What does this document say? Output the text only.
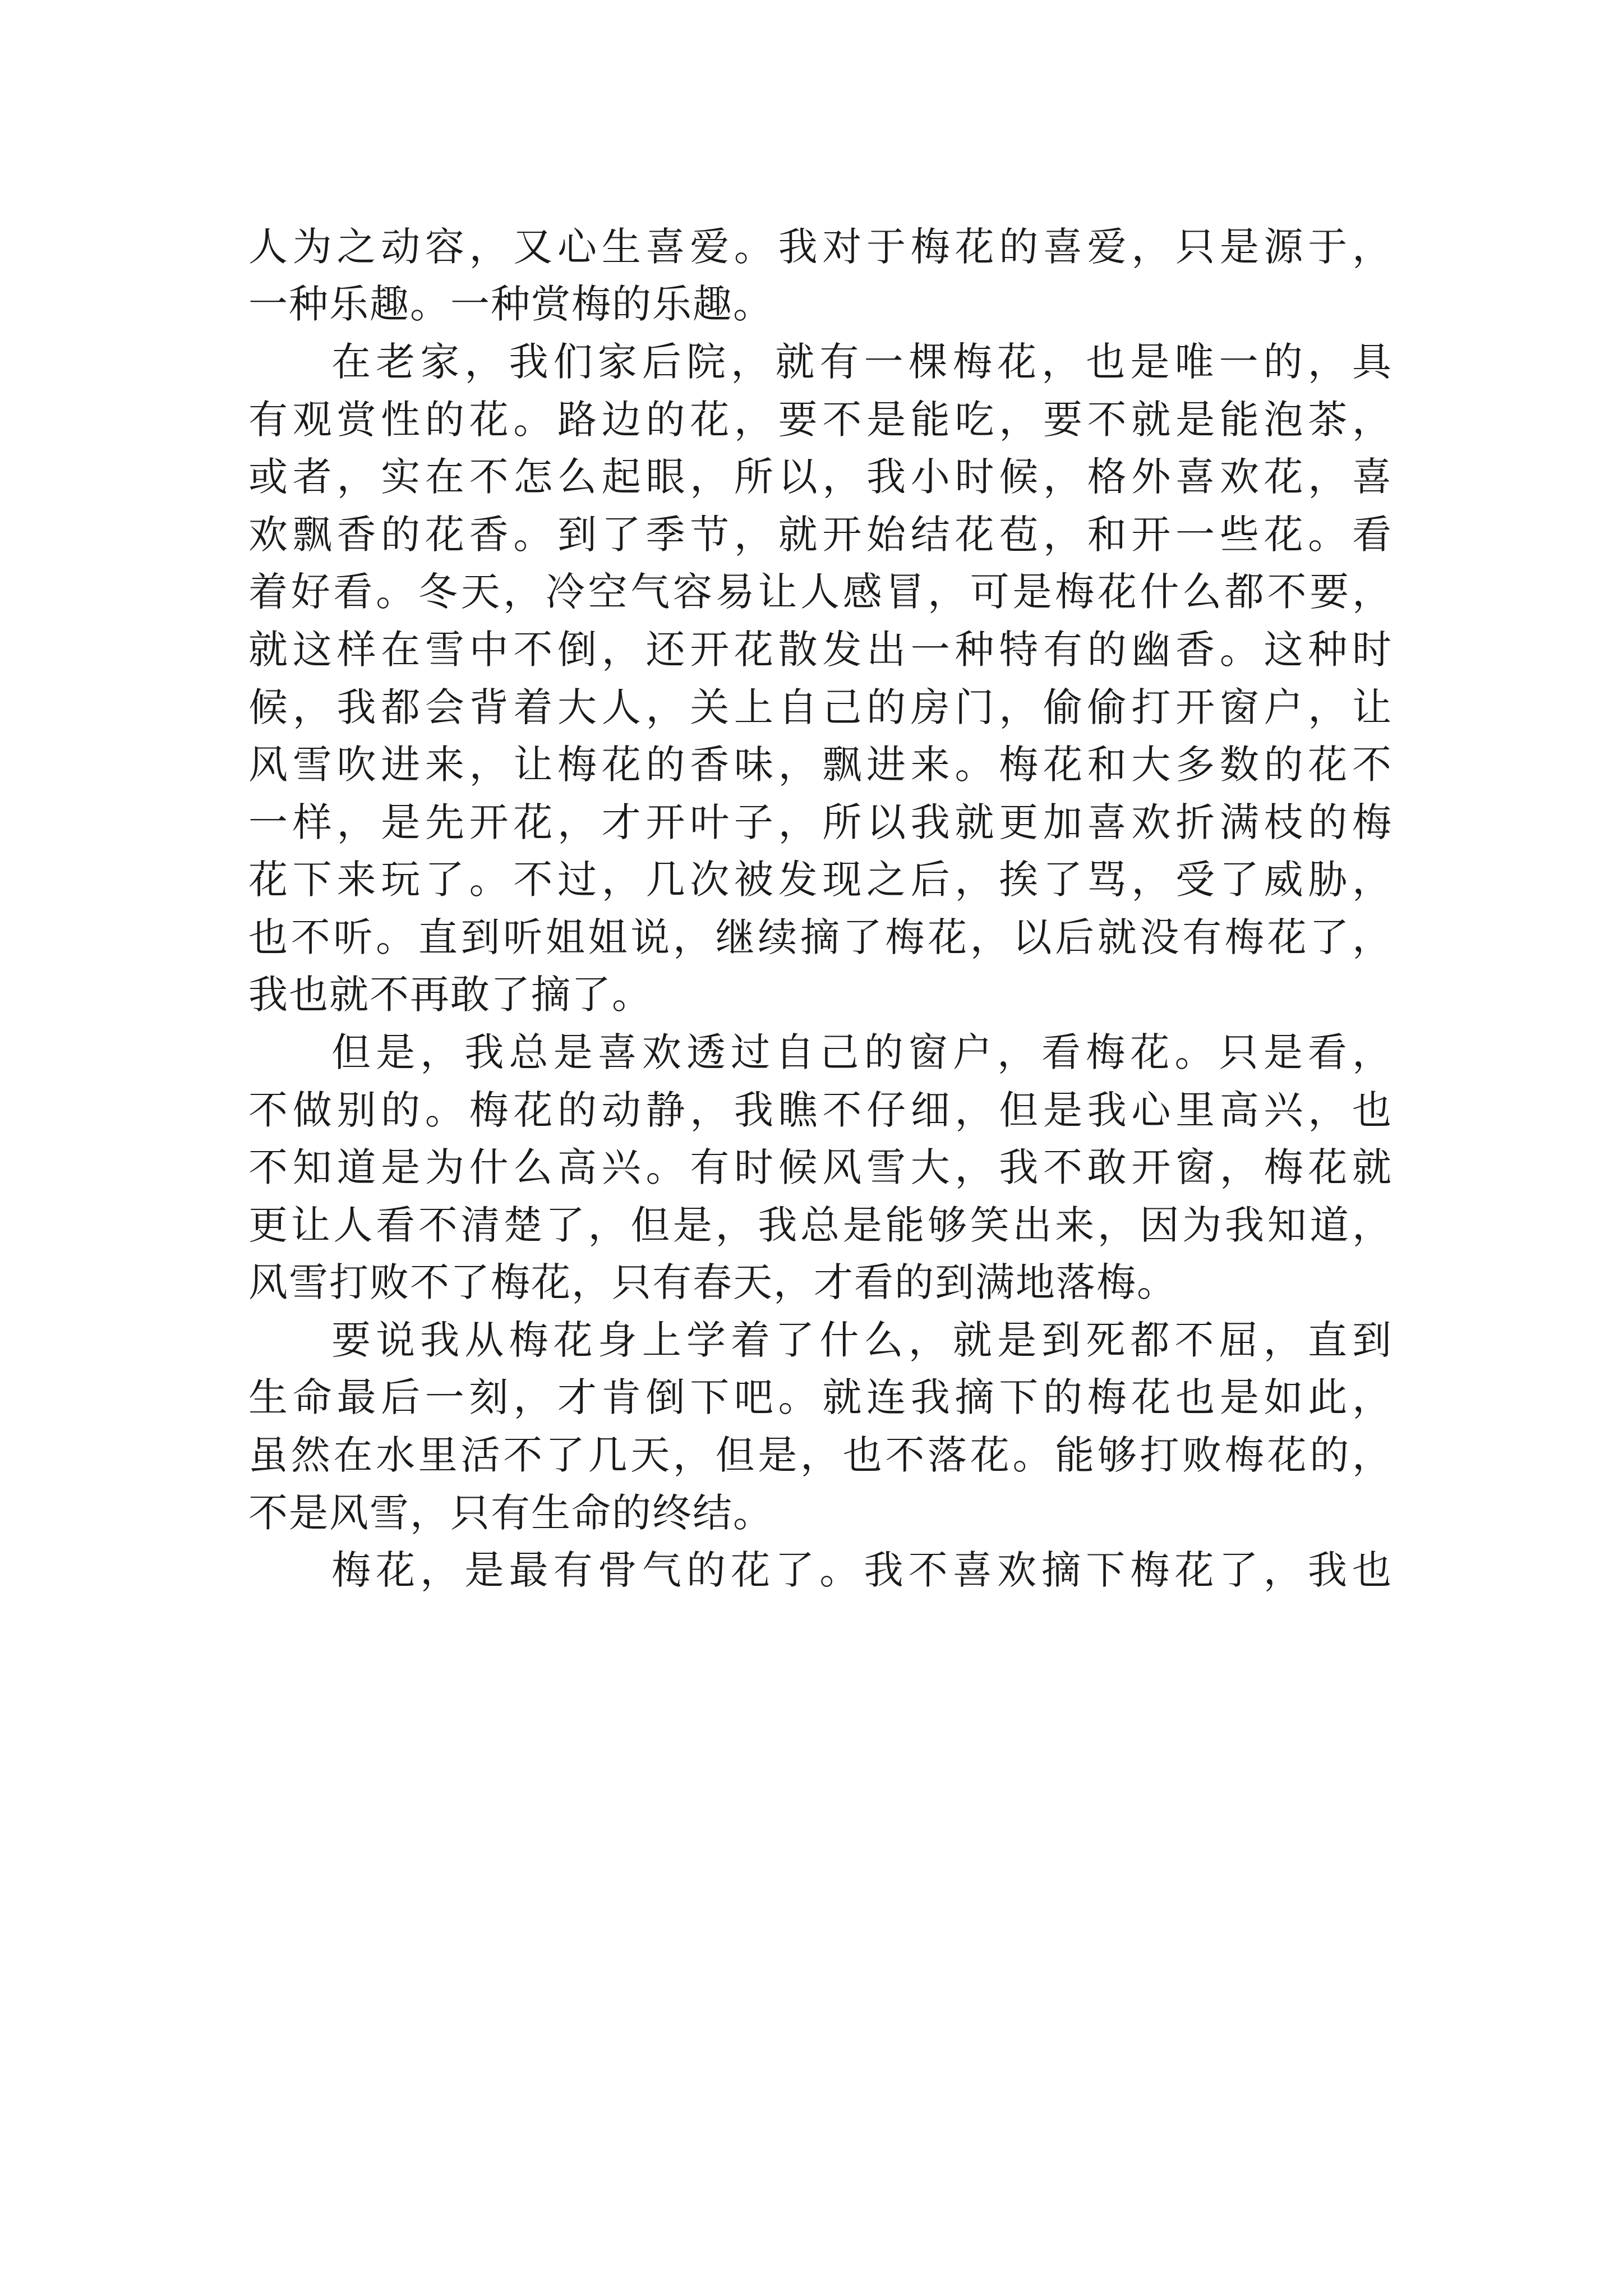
人为之动容，又心生喜爱。我对于梅花的喜爱，只是源于，

一种乐趣。一种赏梅的乐趣。

在老家，我们家后院，就有一棵梅花，也是唯一的，具

有观赏性的花。路边的花，要不是能吃，要不就是能泡茶，

或者，实在不怎么起眼，所以，我小时候，格外喜欢花，喜

欢飘香的花香。到了季节，就开始结花苞，和开一些花。看

着好看。冬天，冷空气容易让人感冒，可是梅花什么都不要，

就这样在雪中不倒，还开花散发出一种特有的幽香。这种时

候，我都会背着大人，关上自己的房门，偷偷打开窗户，让

风雪吹进来，让梅花的香味，飘进来。梅花和大多数的花不

一样，是先开花，才开叶子，所以我就更加喜欢折满枝的梅

花下来玩了。不过，几次被发现之后，挨了骂，受了威胁，

也不听。直到听姐姐说，继续摘了梅花，以后就没有梅花了，

我也就不再敢了摘了。

但是，我总是喜欢透过自己的窗户，看梅花。只是看，

不做别的。梅花的动静，我瞧不仔细，但是我心里高兴，也

不知道是为什么高兴。有时候风雪大，我不敢开窗，梅花就

更让人看不清楚了，但是，我总是能够笑出来，因为我知道，

风雪打败不了梅花，只有春天，才看的到满地落梅。

要说我从梅花身上学着了什么，就是到死都不屈，直到

生命最后一刻，才肯倒下吧。就连我摘下的梅花也是如此，

虽然在水里活不了几天，但是，也不落花。能够打败梅花的，

不是风雪，只有生命的终结。

梅花，是最有骨气的花了。我不喜欢摘下梅花了，我也
